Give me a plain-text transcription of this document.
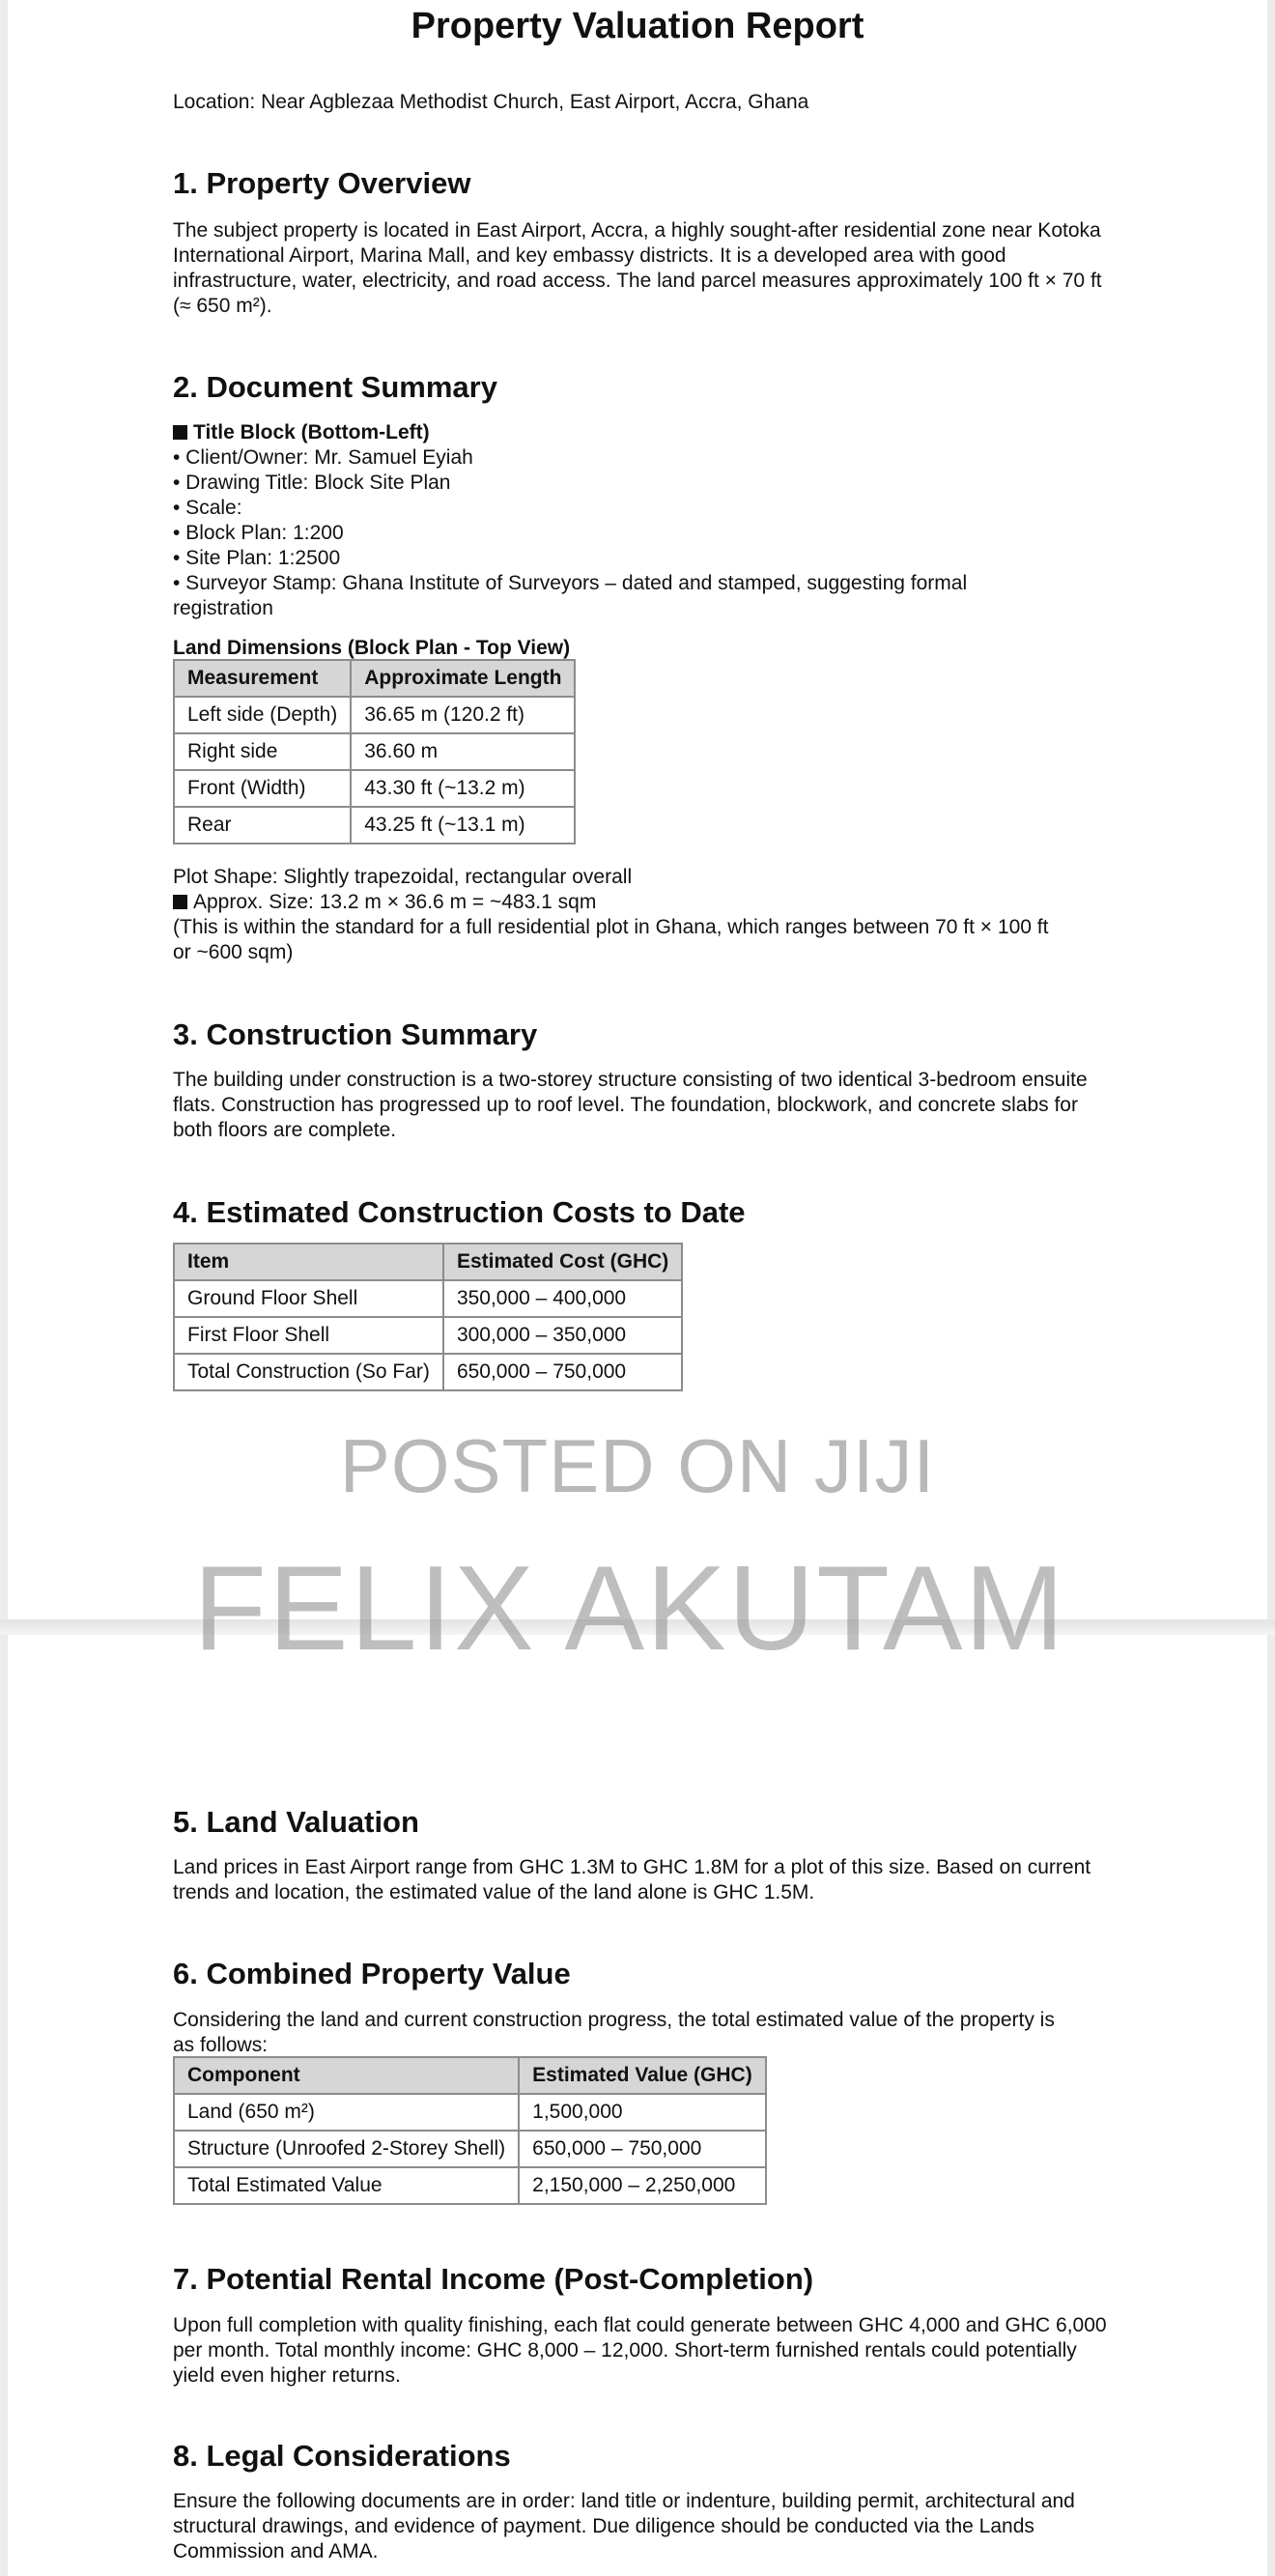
Property Valuation Report

Location: Near Agblezaa Methodist Church, East Airport, Accra, Ghana

1. Property Overview

The subject property is located in East Airport, Accra, a highly sought-after residential zone near Kotoka International Airport, Marina Mall, and key embassy districts. It is a developed area with good infrastructure, water, electricity, and road access. The land parcel measures approximately 100 ft × 70 ft (≈ 650 m²).

2. Document Summary
Title Block (Bottom-Left)
• Client/Owner: Mr. Samuel Eyiah
• Drawing Title: Block Site Plan
• Scale:
• Block Plan: 1:200
• Site Plan: 1:2500
• Surveyor Stamp: Ghana Institute of Surveyors – dated and stamped, suggesting formal
registration
Land Dimensions (Block Plan - Top View)
Measurement	Approximate Length
Left side (Depth)	36.65 m (120.2 ft)
Right side	36.60 m
Front (Width)	43.30 ft (~13.2 m)
Rear	43.25 ft (~13.1 m)
Plot Shape: Slightly trapezoidal, rectangular overall
Approx. Size: 13.2 m × 36.6 m = ~483.1 sqm
(This is within the standard for a full residential plot in Ghana, which ranges between 70 ft × 100 ft
or ~600 sqm)
3. Construction Summary

The building under construction is a two-storey structure consisting of two identical 3-bedroom ensuite flats. Construction has progressed up to roof level. The foundation, blockwork, and concrete slabs for both floors are complete.

4. Estimated Construction Costs to Date
Item	Estimated Cost (GHC)
Ground Floor Shell	350,000 – 400,000
First Floor Shell	300,000 – 350,000
Total Construction (So Far)	650,000 – 750,000
POSTED ON JIJI
5. Land Valuation

Land prices in East Airport range from GHC 1.3M to GHC 1.8M for a plot of this size. Based on current trends and location, the estimated value of the land alone is GHC 1.5M.

6. Combined Property Value
Considering the land and current construction progress, the total estimated value of the property is
as follows:
Component	Estimated Value (GHC)
Land (650 m²)	1,500,000
Structure (Unroofed 2-Storey Shell)	650,000 – 750,000
Total Estimated Value	2,150,000 – 2,250,000
7. Potential Rental Income (Post-Completion)

Upon full completion with quality finishing, each flat could generate between GHC 4,000 and GHC 6,000 per month. Total monthly income: GHC 8,000 – 12,000. Short-term furnished rentals could potentially yield even higher returns.

8. Legal Considerations

Ensure the following documents are in order: land title or indenture, building permit, architectural and structural drawings, and evidence of payment. Due diligence should be conducted via the Lands Commission and AMA.

FELIX AKUTAM
